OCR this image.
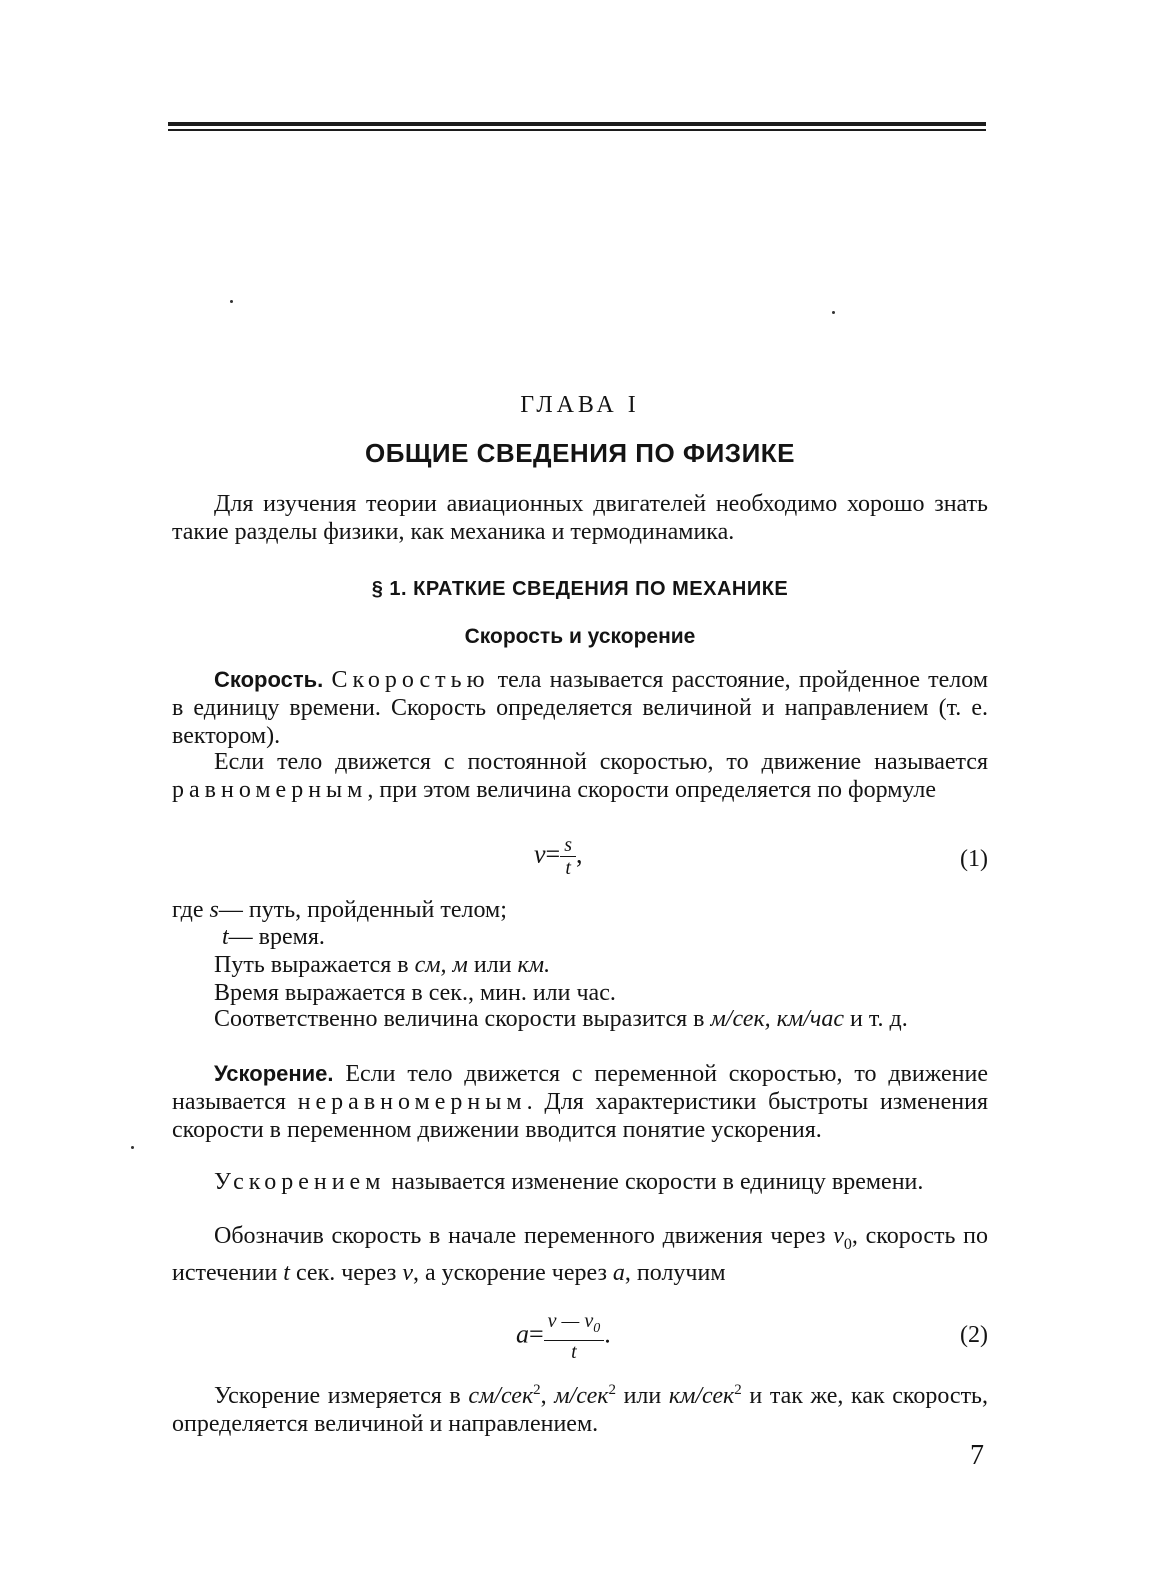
ГЛАВА I
ОБЩИЕ СВЕДЕНИЯ ПО ФИЗИКЕ

Для изучения теории авиационных двигателей необходимо хорошо знать такие разделы физики, как механика и термодинамика.

§ 1. КРАТКИЕ СВЕДЕНИЯ ПО МЕХАНИКЕ
Скорость и ускорение

Скорость. Скоростью тела называется расстояние, пройденное телом в единицу времени. Скорость определяется величиной и направлением (т. е. вектором).

Если тело движется с постоянной скоростью, то движение называется равномерным, при этом величина скорости определяется по формуле

$v= \frac{s}{t}$ ,	(1)
где s— путь, пройденный телом;
t— время.
Путь выражается в см, м или км.
Время выражается в сек., мин. или час.

Соответственно величина скорости выразится в м/сек, км/час и т. д.

Ускорение. Если тело движется с переменной скоростью, то движение называется неравномерным. Для характеристики быстроты изменения скорости в переменном движении вводится понятие ускорения.

Ускорением называется изменение скорости в единицу времени.

Обозначив скорость в начале переменного движения через $v_0$, скорость по истечении t сек. через v, а ускорение через a, получим

$a= \frac{v — v_0}{t}$ .	(2)

Ускорение измеряется в см/сек$^2$, м/сек$^2$ или км/сек$^2$ и так же, как скорость, определяется величиной и направлением.

7
